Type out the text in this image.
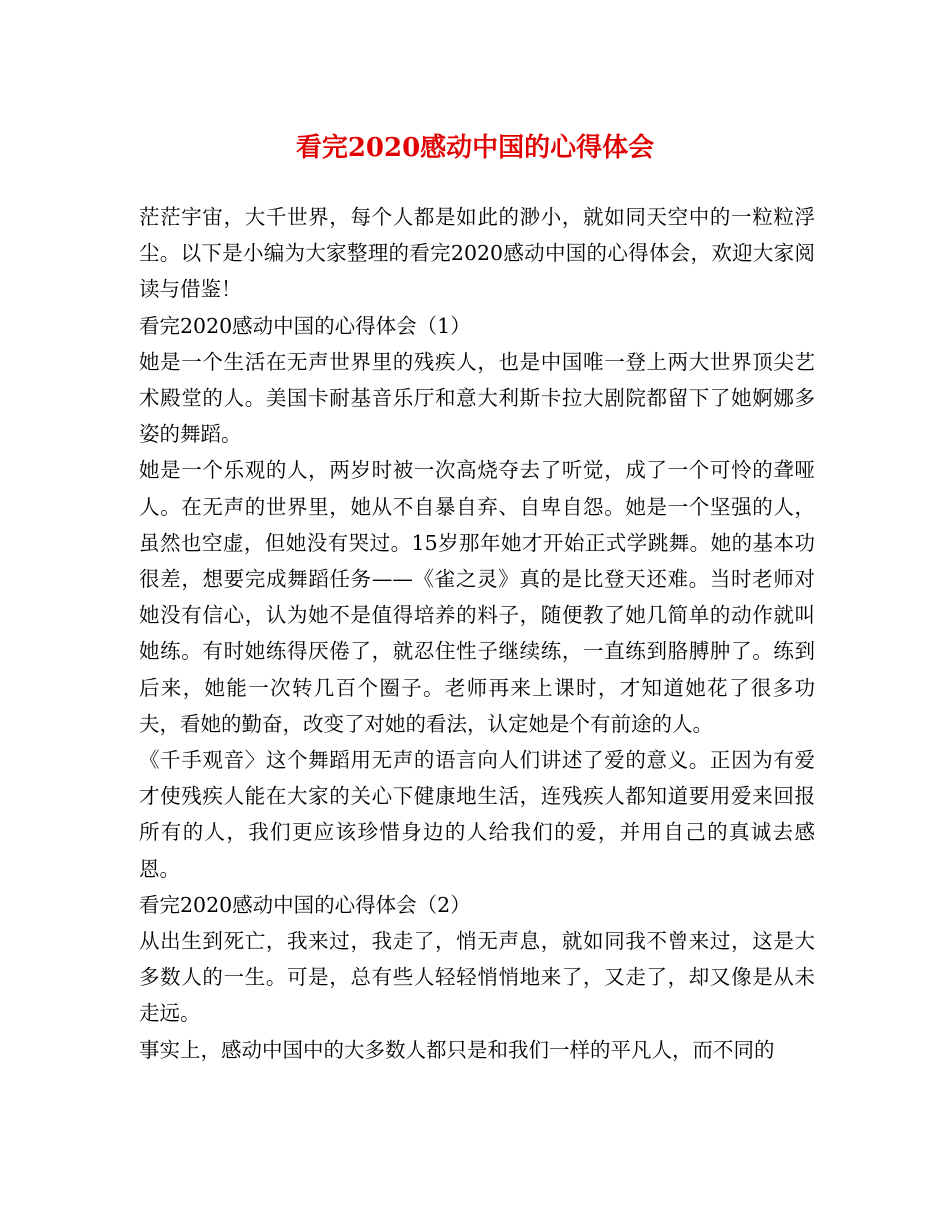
看完2020感动中国的心得体会

茫茫宇宙，大千世界，每个人都是如此的渺小，就如同天空中的一粒粒浮尘。以下是小编为大家整理的看完2020感动中国的心得体会，欢迎大家阅读与借鉴！

看完2020感动中国的心得体会（1）

她是一个生活在无声世界里的残疾人，也是中国唯一登上两大世界顶尖艺术殿堂的人。美国卡耐基音乐厅和意大利斯卡拉大剧院都留下了她婀娜多姿的舞蹈。

她是一个乐观的人，两岁时被一次高烧夺去了听觉，成了一个可怜的聋哑人。在无声的世界里，她从不自暴自弃、自卑自怨。她是一个坚强的人，虽然也空虚，但她没有哭过。15岁那年她才开始正式学跳舞。她的基本功很差，想要完成舞蹈任务——《雀之灵》真的是比登天还难。当时老师对她没有信心，认为她不是值得培养的料子，随便教了她几简单的动作就叫她练。有时她练得厌倦了，就忍住性子继续练，一直练到胳膊肿了。练到后来，她能一次转几百个圈子。老师再来上课时，才知道她花了很多功夫，看她的勤奋，改变了对她的看法，认定她是个有前途的人。

《千手观音〉这个舞蹈用无声的语言向人们讲述了爱的意义。正因为有爱才使残疾人能在大家的关心下健康地生活，连残疾人都知道要用爱来回报所有的人，我们更应该珍惜身边的人给我们的爱，并用自己的真诚去感恩。

看完2020感动中国的心得体会（2）

从出生到死亡，我来过，我走了，悄无声息，就如同我不曾来过，这是大多数人的一生。可是，总有些人轻轻悄悄地来了，又走了，却又像是从未走远。

事实上，感动中国中的大多数人都只是和我们一样的平凡人，而不同的
